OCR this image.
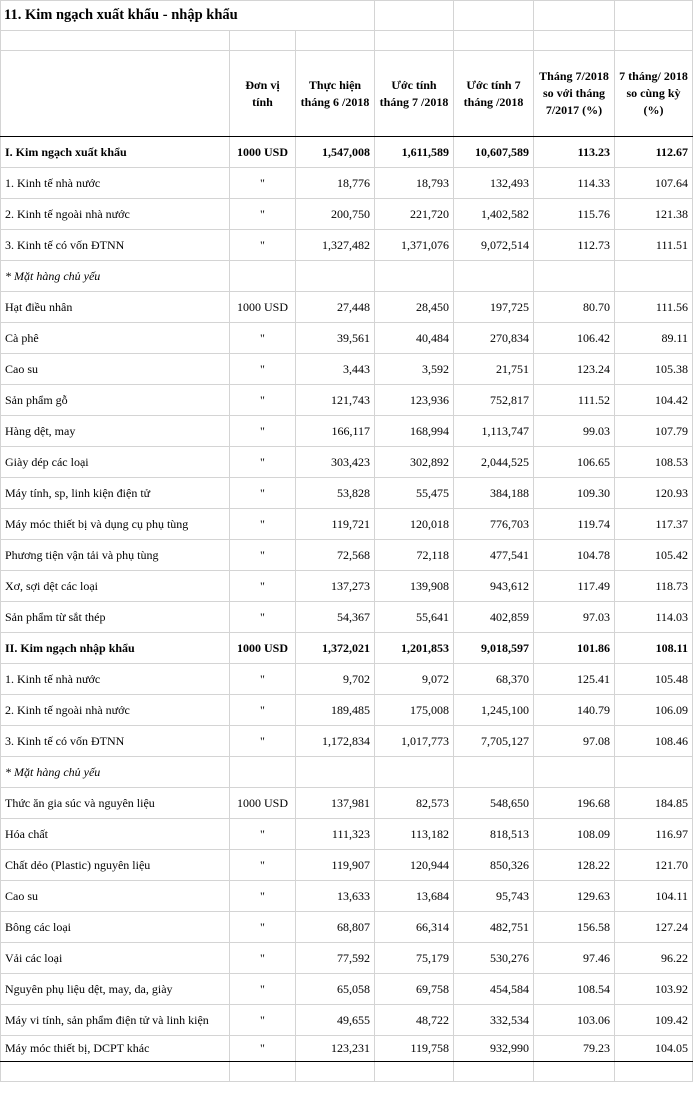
11. Kim ngạch xuất khẩu - nhập khẩu						

	Đơn vị tính	Thực hiện tháng 6 /2018	Ước tính tháng 7 /2018	Ước tính 7 tháng /2018	Tháng 7/2018 so với tháng 7/2017 (%)	7 tháng/ 2018 so cùng kỳ (%)
I. Kim ngạch xuất khẩu	1000 USD	1,547,008	1,611,589	10,607,589	113.23	112.67
1. Kinh tế nhà nước	"	18,776	18,793	132,493	114.33	107.64
2. Kinh tế ngoài nhà nước	"	200,750	221,720	1,402,582	115.76	121.38
3. Kinh tế có vốn ĐTNN	"	1,327,482	1,371,076	9,072,514	112.73	111.51
* Mặt hàng chủ yếu						
Hạt điều nhân	1000 USD	27,448	28,450	197,725	80.70	111.56
Cà phê	"	39,561	40,484	270,834	106.42	89.11
Cao su	"	3,443	3,592	21,751	123.24	105.38
Sản phẩm gỗ	"	121,743	123,936	752,817	111.52	104.42
Hàng dệt, may	"	166,117	168,994	1,113,747	99.03	107.79
Giày dép các loại	"	303,423	302,892	2,044,525	106.65	108.53
Máy tính, sp, linh kiện điện tử	"	53,828	55,475	384,188	109.30	120.93
Máy móc thiết bị và dụng cụ phụ tùng	"	119,721	120,018	776,703	119.74	117.37
Phương tiện vận tải và phụ tùng	"	72,568	72,118	477,541	104.78	105.42
Xơ, sợi dệt các loại	"	137,273	139,908	943,612	117.49	118.73
Sản phẩm từ sắt thép	"	54,367	55,641	402,859	97.03	114.03
II. Kim ngạch nhập khẩu	1000 USD	1,372,021	1,201,853	9,018,597	101.86	108.11
1. Kinh tế nhà nước	"	9,702	9,072	68,370	125.41	105.48
2. Kinh tế ngoài nhà nước	"	189,485	175,008	1,245,100	140.79	106.09
3. Kinh tế có vốn ĐTNN	"	1,172,834	1,017,773	7,705,127	97.08	108.46
* Mặt hàng chủ yếu						
Thức ăn gia súc và nguyên liệu	1000 USD	137,981	82,573	548,650	196.68	184.85
Hóa chất	"	111,323	113,182	818,513	108.09	116.97
Chất dẻo (Plastic) nguyên liệu	"	119,907	120,944	850,326	128.22	121.70
Cao su	"	13,633	13,684	95,743	129.63	104.11
Bông các loại	"	68,807	66,314	482,751	156.58	127.24
Vải các loại	"	77,592	75,179	530,276	97.46	96.22
Nguyên phụ liệu dệt, may, da, giày	"	65,058	69,758	454,584	108.54	103.92
Máy vi tính, sản phẩm điện tử và linh kiện	"	49,655	48,722	332,534	103.06	109.42
Máy móc thiết bị, DCPT khác	"	123,231	119,758	932,990	79.23	104.05
